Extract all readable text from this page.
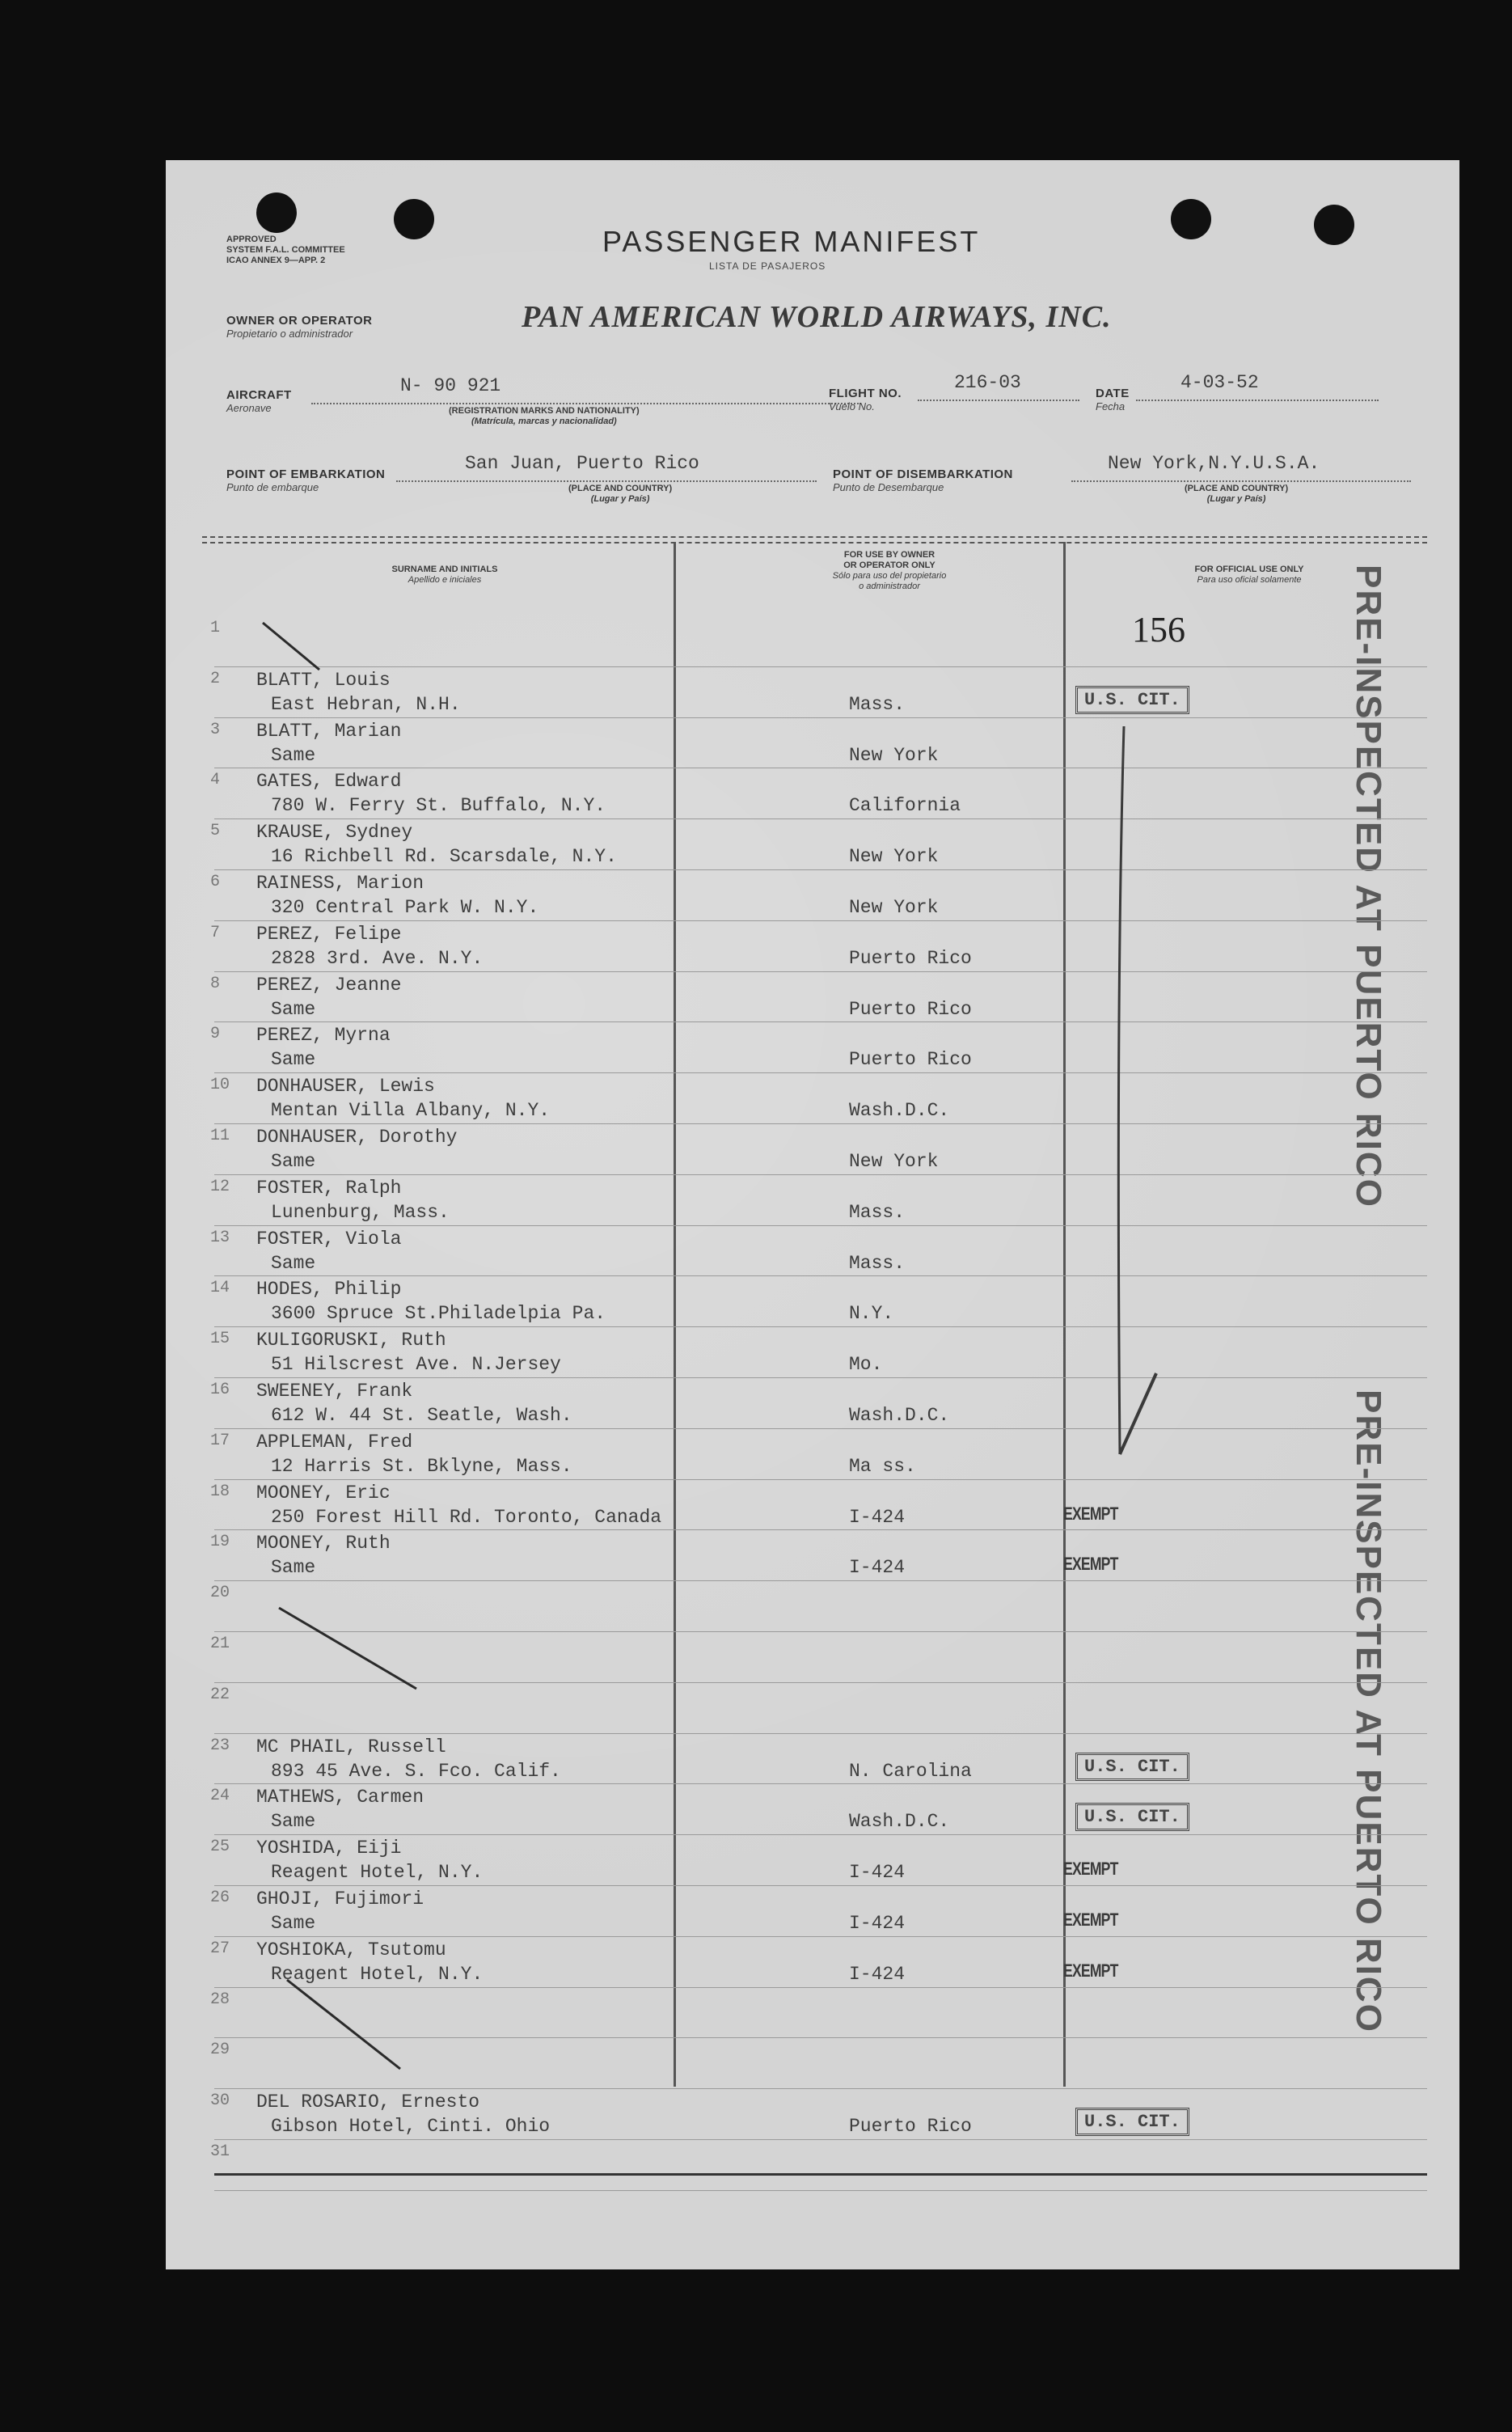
APPROVED
SYSTEM F.A.L. COMMITTEE
ICAO ANNEX 9—APP. 2
PASSENGER MANIFEST
LISTA DE PASAJEROS
OWNER OR OPERATOR
Propietario o administrador	PAN AMERICAN WORLD AIRWAYS, INC.
AIRCRAFT
Aeronave
N- 90 921
(REGISTRATION MARKS AND NATIONALITY)
(Matrícula, marcas y nacionalidad)
FLIGHT NO.
Vuelo No.
216-03
DATE
Fecha
4-03-52
POINT OF EMBARKATION
Punto de embarque
San Juan, Puerto Rico
(PLACE AND COUNTRY)
(Lugar y País)
POINT OF DISEMBARKATION
Punto de Desembarque
New York,N.Y.U.S.A.
(PLACE AND COUNTRY)
(Lugar y País)
SURNAME AND INITIALS
Apellido e iniciales
FOR USE BY OWNER
OR OPERATOR ONLY
Sólo para uso del propietario
o administrador
FOR OFFICIAL USE ONLY
Para uso oficial solamente
156	PRE-INSPECTED AT PUERTO RICO
PRE-INSPECTED AT PUERTO RICO
1
2 BLATT, Louis
East Hebran, N.H.	Mass.	U.S. CIT.
3 BLATT, Marian
Same	New York
4 GATES, Edward
780 W. Ferry St. Buffalo, N.Y.	California
5 KRAUSE, Sydney
16 Richbell Rd. Scarsdale, N.Y.	New York
6 RAINESS, Marion
320 Central Park W. N.Y.	New York
7 PEREZ, Felipe
2828 3rd. Ave. N.Y.	Puerto Rico
8 PEREZ, Jeanne
Same	Puerto Rico
9 PEREZ, Myrna
Same	Puerto Rico
10 DONHAUSER, Lewis
Mentan Villa Albany, N.Y.	Wash.D.C.
11 DONHAUSER, Dorothy
Same	New York
12 FOSTER, Ralph
Lunenburg, Mass.	Mass.
13 FOSTER, Viola
Same	Mass.
14 HODES, Philip
3600 Spruce St.Philadelpia Pa.	N.Y.
15 KULIGORUSKI, Ruth
51 Hilscrest Ave. N.Jersey	Mo.
16 SWEENEY, Frank
612 W. 44 St. Seatle, Wash.	Wash.D.C.
17 APPLEMAN, Fred
12 Harris St. Bklyne, Mass.	Ma ss.
18 MOONEY, Eric
250 Forest Hill Rd. Toronto, Canada	I-424	EXEMPT
19 MOONEY, Ruth
Same	I-424	EXEMPT
20
21
22
23 MC PHAIL, Russell
893 45 Ave. S. Fco. Calif.	N. Carolina	U.S. CIT.
24 MATHEWS, Carmen
Same	Wash.D.C.	U.S. CIT.
25 YOSHIDA, Eiji
Reagent Hotel, N.Y.	I-424	EXEMPT
26 GHOJI, Fujimori
Same	I-424	EXEMPT
27 YOSHIOKA, Tsutomu
Reagent Hotel, N.Y.	I-424	EXEMPT
28
29
30 DEL ROSARIO, Ernesto
Gibson Hotel, Cinti. Ohio	Puerto Rico	U.S. CIT.
31
